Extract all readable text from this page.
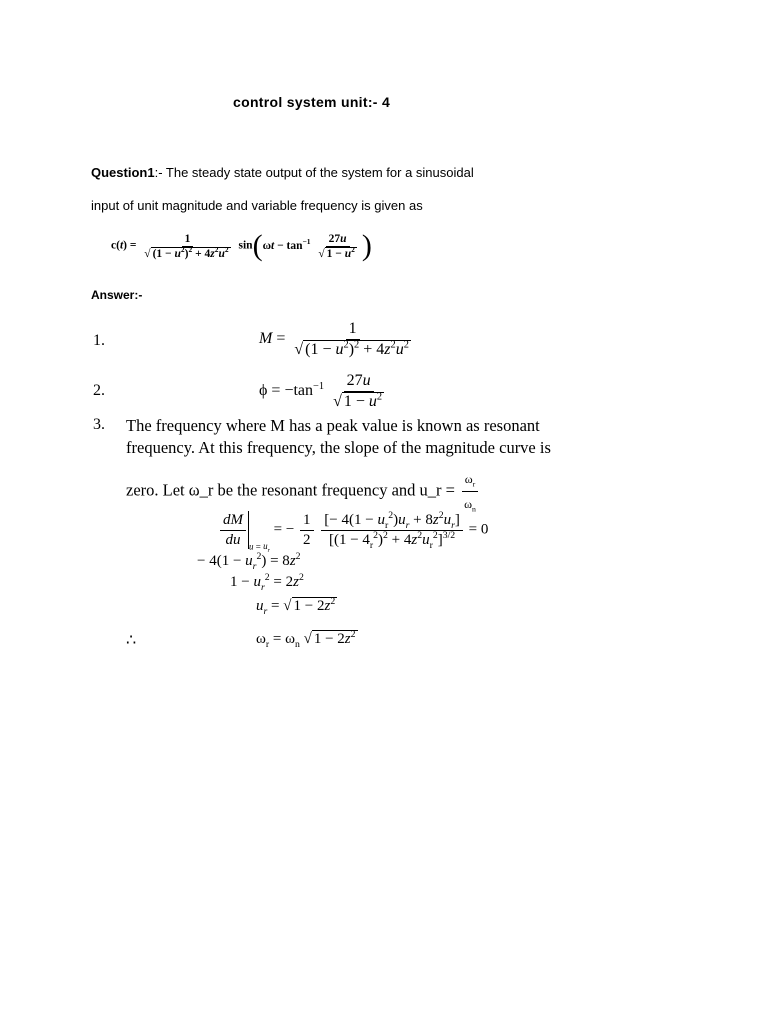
control system unit:- 4
Question1:- The steady state output of the system for a sinusoidal
input of unit magnitude and variable frequency is given as
$c(t) = \frac{1}{√ (1 - u^2)^2 + 4z^2u^2} \sin(\omega t - \tan^{-1} \frac{27u}{√ 1 - u^2}$ )
Answer:-
1.	$M = \frac{1}{√ (1 - u^2)^2 + 4z^2u^2}$
2.	$\phi = -\tan^{-1} \frac{27u}{√ 1 - u^2}$
3. The frequency where M has a peak value is known as resonant
frequency. At this frequency, the slope of the magnitude curve is
zero. Let ω_r be the resonant frequency and u_r = $\frac{\omega_r}{\omega_n}$
$\frac{dM}{du} _{u = u_r}$ = − $\frac{1}{2}$
$\frac{[- 4(1 - u_r^2)u_r + 8z^2u_r]}{[(1 - 4_r^2)^2 + 4z^2u_r^2]^{3/2}} = 0$
− $4(1 - u_r^2) = 8z^2$
$1 - u_r^2 = 2z^2$
$u_r$ = √ $1 - 2z^2$
∴	$\omega_r = \omega_n$ √ $1 - 2z^2$
